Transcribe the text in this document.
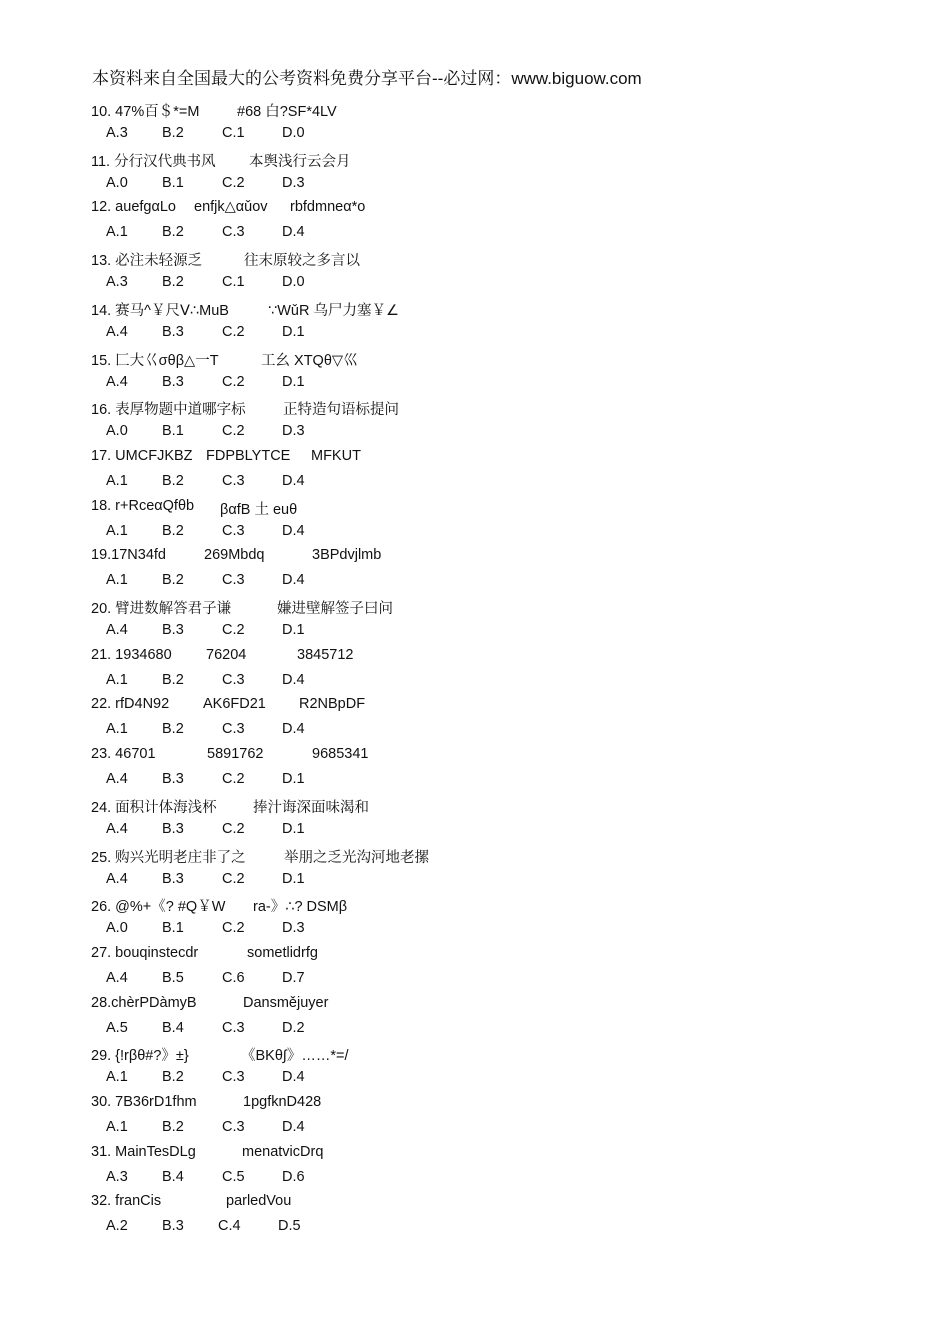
本资料来自全国最大的公考资料免费分享平台--必过网：www.biguow.com
10. 47%百＄*=M	#68 白?SF*4LV
A.3 B.2	C.1	D.0
11. 分行汉代典书风 本舆浅行云会月
A.0 B.1	C.2	D.3
12. auefgαLo enfjk△αǔov rbfdmneα*o
A.1 B.2	C.3	D.4
13. 必注未轻源乏	往末原较之多言以
A.3 B.2	C.1	D.0
14. 赛马^￥尺Ⅴ∴MuB	∵WǔR 乌尸力塞￥∠
A.4 B.3	C.2	D.1
15. 匚大巜σθβ△一T	工幺 XTQθ▽巛
A.4 B.3	C.2	D.1
16. 表厚物题中道哪字标	正特造句语标提问
A.0 B.1	C.2	D.3
17. UMCFJKBZ FDPBLYTCE MFKUT
A.1 B.2	C.3	D.4
18. r+RceαQfθb βαfB 土 euθ
A.1 B.2	C.3	D.4
19.17N34fd	269Mbdq	3BPdvjlmb
A.1 B.2	C.3	D.4
20. 臂进数解答君子谦	嫌进壁解签子曰问
A.4 B.3	C.2	D.1
21. 1934680 76204	3845712
A.1 B.2	C.3	D.4
22. rfD4N92 AK6FD21 R2NBpDF
A.1 B.2	C.3	D.4
23. 46701	5891762	9685341
A.4 B.3	C.2	D.1
24. 面积计体海浅杯	捧汁诲深面味渴和
A.4 B.3	C.2	D.1
25. 购兴光明老庄非了之	举朋之乏光沟河地老摞
A.4 B.3	C.2	D.1
26. @%+《? #Q￥W ra-》∴? DSMβ
A.0 B.1	C.2	D.3
27. bouqinstecdr	sometlidrfg
A.4 B.5	C.6	D.7
28.chèrPDàmyB	Dansmějuyer
A.5 B.4	C.3	D.2
29. {!rβθ#?》±}	《BKθ∫》……*=/
A.1 B.2	C.3	D.4
30. 7B36rD1fhm	1pgfknD428
A.1 B.2	C.3	D.4
31. MainTesDLg	menatvicDrq
A.3 B.4	C.5	D.6
32. franCis	parledVou
A.2 B.3 C.4	D.5
